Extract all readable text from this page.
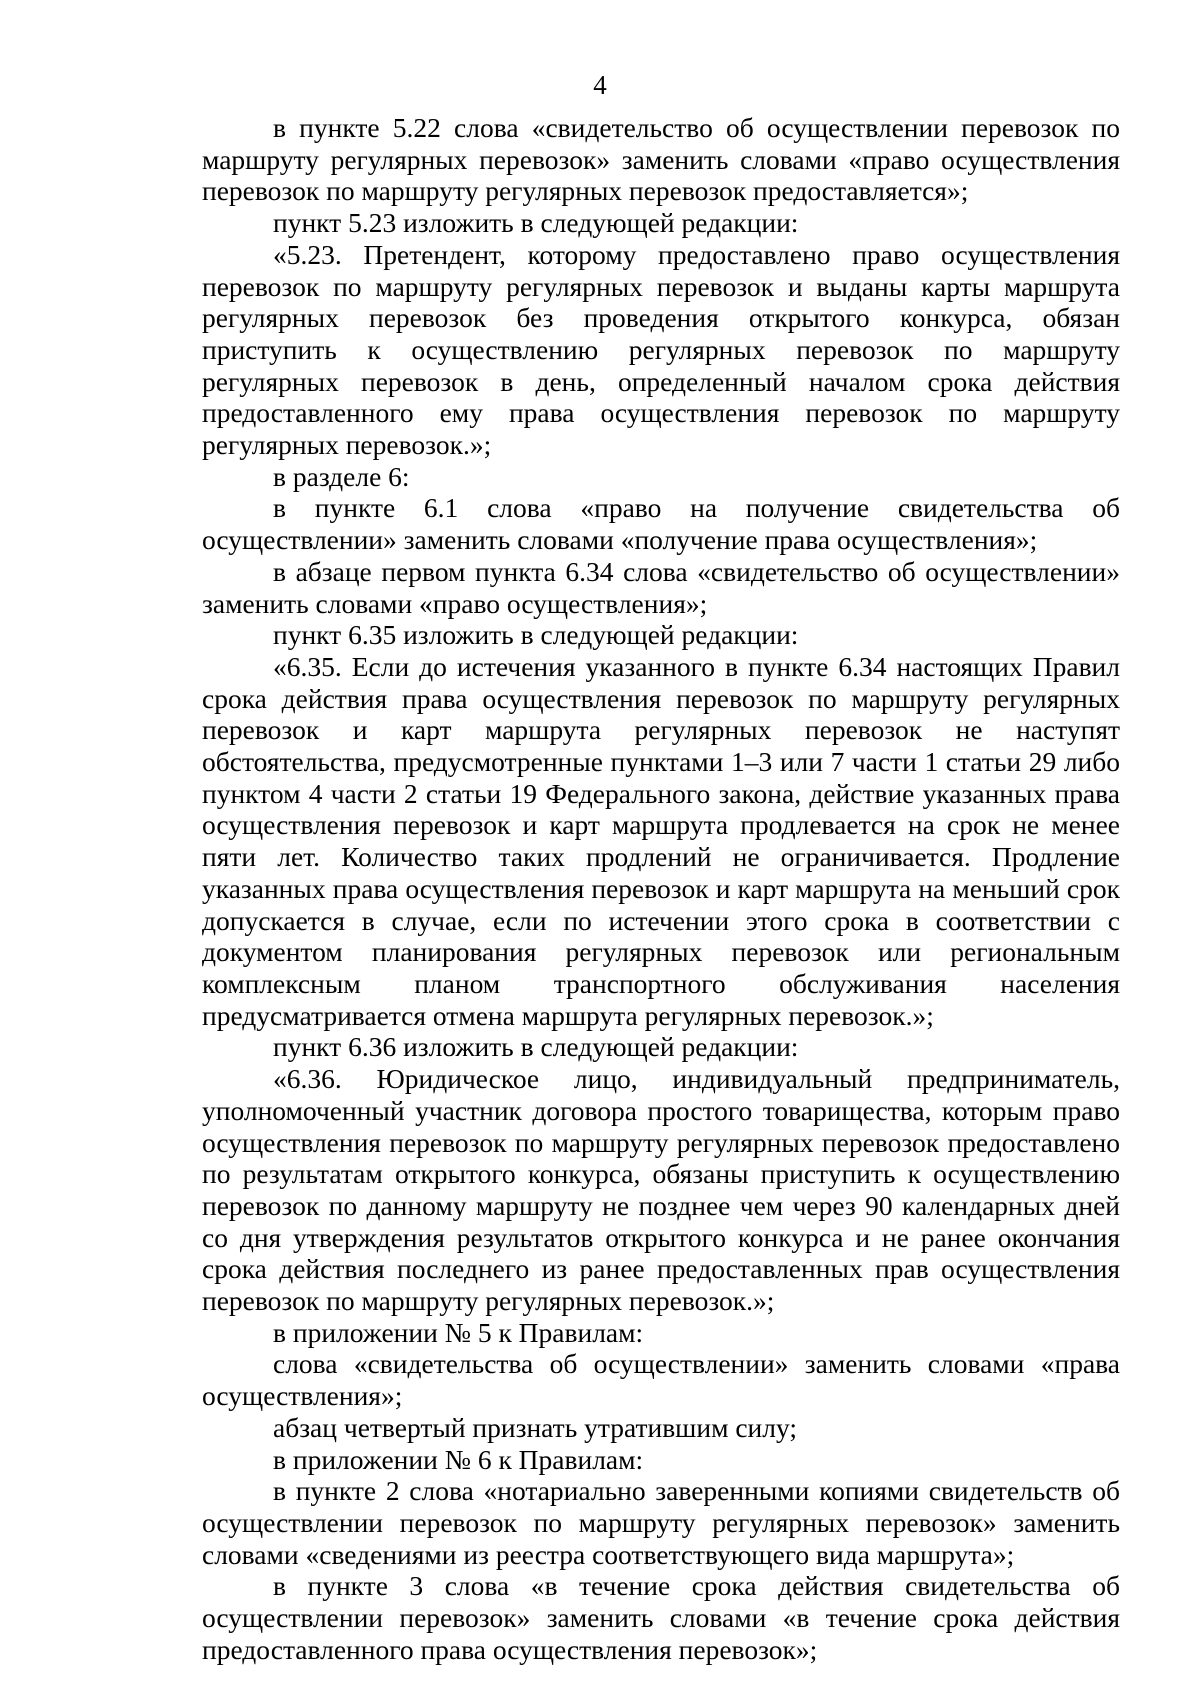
4

в пункте 5.22 слова «свидетельство об осуществлении перевозок по маршруту регулярных перевозок» заменить словами «право осуществления перевозок по маршруту регулярных перевозок предоставляется»;

пункт 5.23 изложить в следующей редакции:

«5.23. Претендент, которому предоставлено право осуществления перевозок по маршруту регулярных перевозок и выданы карты маршрута регулярных перевозок без проведения открытого конкурса, обязан приступить к осуществлению регулярных перевозок по маршруту регулярных перевозок в день, определенный началом срока действия предоставленного ему права осуществления перевозок по маршруту регулярных перевозок.»;

в разделе 6:

в пункте 6.1 слова «право на получение свидетельства об осуществлении» заменить словами «получение права осуществления»;

в абзаце первом пункта 6.34 слова «свидетельство об осуществлении» заменить словами «право осуществления»;

пункт 6.35 изложить в следующей редакции:

«6.35. Если до истечения указанного в пункте 6.34 настоящих Правил срока действия права осуществления перевозок по маршруту регулярных перевозок и карт маршрута регулярных перевозок не наступят обстоятельства, предусмотренные пунктами 1–3 или 7 части 1 статьи 29 либо пунктом 4 части 2 статьи 19 Федерального закона, действие указанных права осуществления перевозок и карт маршрута продлевается на срок не менее пяти лет. Количество таких продлений не ограничивается. Продление указанных права осуществления перевозок и карт маршрута на меньший срок допускается в случае, если по истечении этого срока в соответствии с документом планирования регулярных перевозок или региональным комплексным планом транспортного обслуживания населения предусматривается отмена маршрута регулярных перевозок.»;

пункт 6.36 изложить в следующей редакции:

«6.36. Юридическое лицо, индивидуальный предприниматель, уполномоченный участник договора простого товарищества, которым право осуществления перевозок по маршруту регулярных перевозок предоставлено по результатам открытого конкурса, обязаны приступить к осуществлению перевозок по данному маршруту не позднее чем через 90 календарных дней со дня утверждения результатов открытого конкурса и не ранее окончания срока действия последнего из ранее предоставленных прав осуществления перевозок по маршруту регулярных перевозок.»;

в приложении № 5 к Правилам:

слова «свидетельства об осуществлении» заменить словами «права осуществления»;

абзац четвертый признать утратившим силу;

в приложении № 6 к Правилам:

в пункте 2 слова «нотариально заверенными копиями свидетельств об осуществлении перевозок по маршруту регулярных перевозок» заменить словами «сведениями из реестра соответствующего вида маршрута»;

в пункте 3 слова «в течение срока действия свидетельства об осуществлении перевозок» заменить словами «в течение срока действия предоставленного права осуществления перевозок»;
